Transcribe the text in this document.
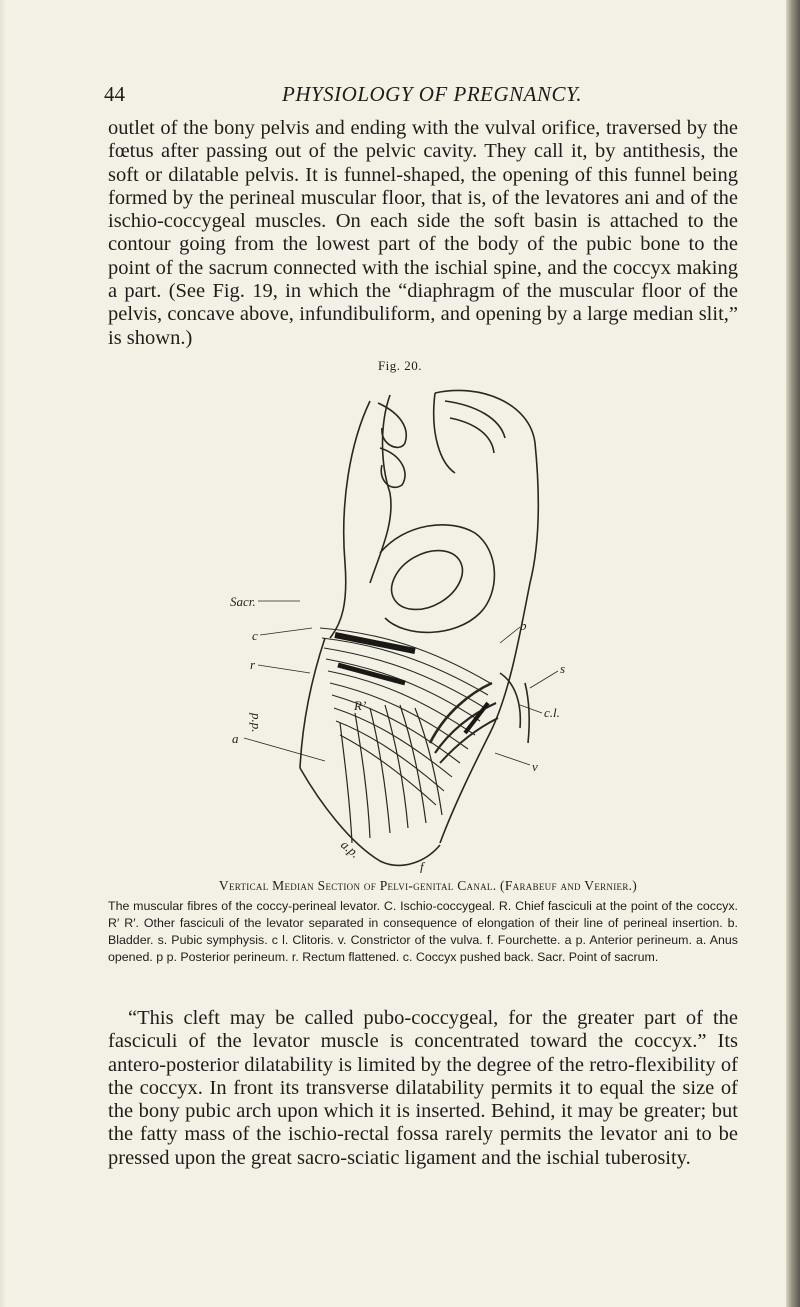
44	PHYSIOLOGY OF PREGNANCY.

outlet of the bony pelvis and ending with the vulval orifice, traversed by the fœtus after passing out of the pelvic cavity. They call it, by antithesis, the soft or dilatable pelvis. It is funnel-shaped, the opening of this funnel being formed by the perineal muscular floor, that is, of the levatores ani and of the ischio-coccygeal muscles. On each side the soft basin is attached to the contour going from the lowest part of the body of the pubic bone to the point of the sacrum connected with the ischial spine, and the coccyx making a part. (See Fig. 19, in which the “diaphragm of the muscular floor of the pelvis, concave above, infundibuliform, and opening by a large median slit,” is shown.)

Fig. 20.
Sacr.
c
r
p.p.
R’
b
s
c.l.
v
a
a.p.
f
Vertical Median Section of Pelvi-genital Canal. (Farabeuf and Vernier.)

The muscular fibres of the coccy-perineal levator. C. Ischio-coccygeal. R. Chief fasciculi at the point of the coccyx. R′ R′. Other fasciculi of the levator separated in consequence of elongation of their line of perineal insertion. b. Bladder. s. Pubic symphysis. c l. Clitoris. v. Constrictor of the vulva. f. Fourchette. a p. Anterior perineum. a. Anus opened. p p. Posterior perineum. r. Rectum flattened. c. Coccyx pushed back. Sacr. Point of sacrum.

“This cleft may be called pubo-coccygeal, for the greater part of the fasciculi of the levator muscle is concentrated toward the coccyx.” Its antero-posterior dilatability is limited by the degree of the retro-flexibility of the coccyx. In front its transverse dilatability permits it to equal the size of the bony pubic arch upon which it is inserted. Behind, it may be greater; but the fatty mass of the ischio-rectal fossa rarely permits the levator ani to be pressed upon the great sacro-sciatic ligament and the ischial tuberosity.
